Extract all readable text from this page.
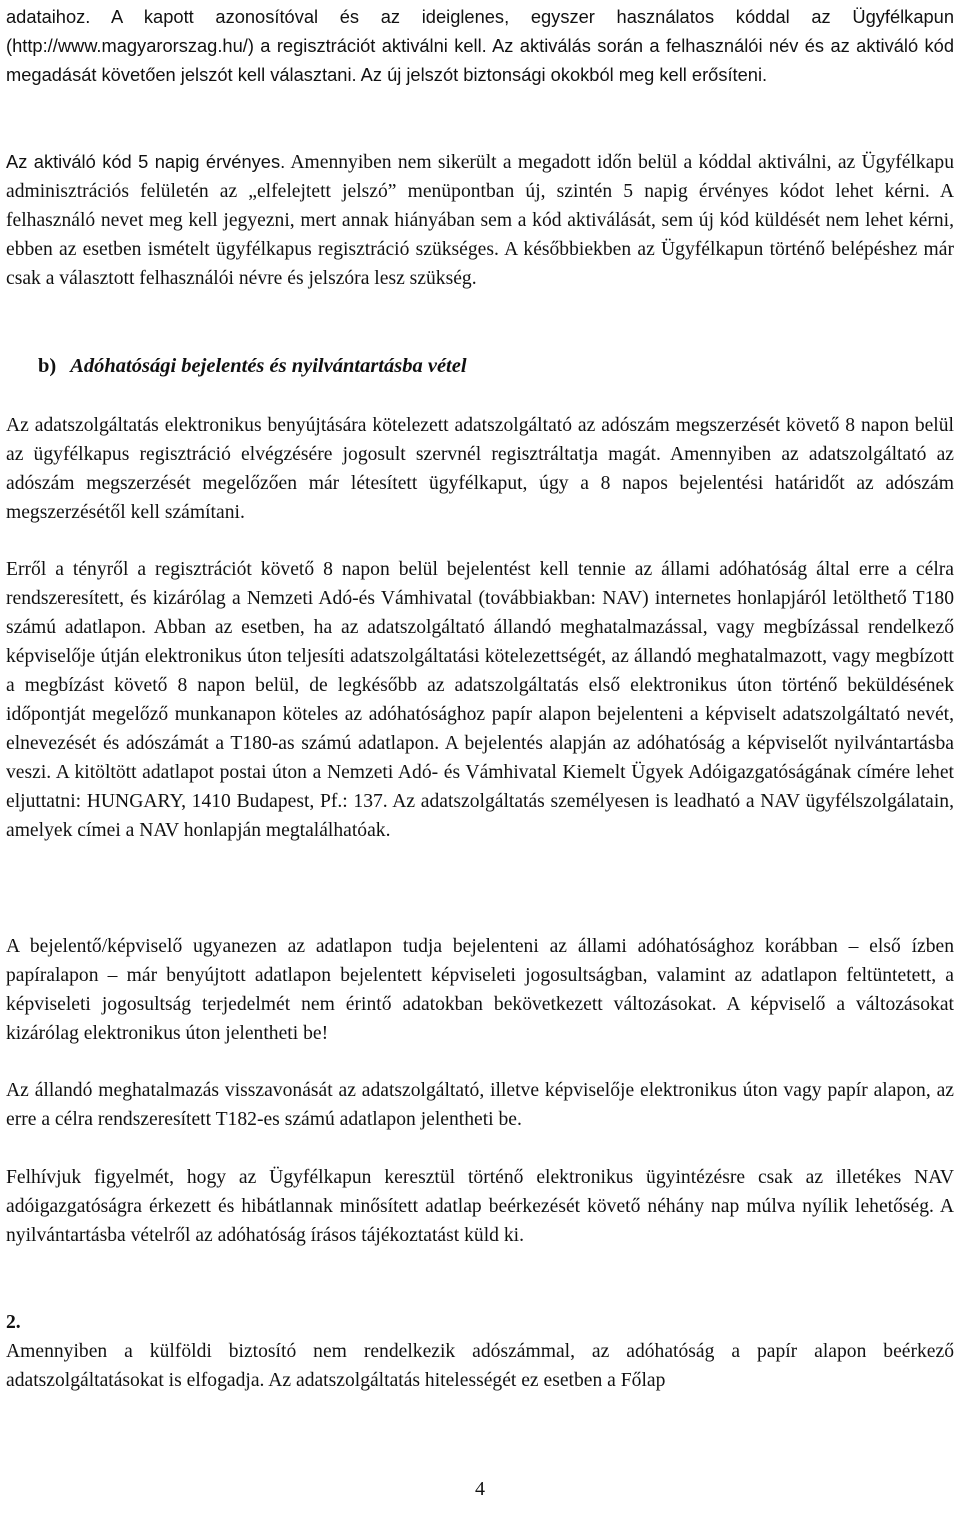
adataihoz. A kapott azonosítóval és az ideiglenes, egyszer használatos kóddal az Ügyfélkapun (http://www.magyarorszag.hu/) a regisztrációt aktiválni kell. Az aktiválás során a felhasználói név és az aktiváló kód megadását követően jelszót kell választani. Az új jelszót biztonsági okokból meg kell erősíteni.

Az aktiváló kód 5 napig érvényes. Amennyiben nem sikerült a megadott időn belül a kóddal aktiválni, az Ügyfélkapu adminisztrációs felületén az „elfelejtett jelszó” menüpontban új, szintén 5 napig érvényes kódot lehet kérni. A felhasználó nevet meg kell jegyezni, mert annak hiányában sem a kód aktiválását, sem új kód küldését nem lehet kérni, ebben az esetben ismételt ügyfélkapus regisztráció szükséges. A későbbiekben az Ügyfélkapun történő belépéshez már csak a választott felhasználói névre és jelszóra lesz szükség.

b) Adóhatósági bejelentés és nyilvántartásba vétel

Az adatszolgáltatás elektronikus benyújtására kötelezett adatszolgáltató az adószám megszerzését követő 8 napon belül az ügyfélkapus regisztráció elvégzésére jogosult szervnél regisztráltatja magát. Amennyiben az adatszolgáltató az adószám megszerzését megelőzően már létesített ügyfélkaput, úgy a 8 napos bejelentési határidőt az adószám megszerzésétől kell számítani.

Erről a tényről a regisztrációt követő 8 napon belül bejelentést kell tennie az állami adóhatóság által erre a célra rendszeresített, és kizárólag a Nemzeti Adó-és Vámhivatal (továbbiakban: NAV) internetes honlapjáról letölthető T180 számú adatlapon. Abban az esetben, ha az adatszolgáltató állandó meghatalmazással, vagy megbízással rendelkező képviselője útján elektronikus úton teljesíti adatszolgáltatási kötelezettségét, az állandó meghatalmazott, vagy megbízott a megbízást követő 8 napon belül, de legkésőbb az adatszolgáltatás első elektronikus úton történő beküldésének időpontját megelőző munkanapon köteles az adóhatósághoz papír alapon bejelenteni a képviselt adatszolgáltató nevét, elnevezését és adószámát a T180-as számú adatlapon. A bejelentés alapján az adóhatóság a képviselőt nyilvántartásba veszi. A kitöltött adatlapot postai úton a Nemzeti Adó- és Vámhivatal Kiemelt Ügyek Adóigazgatóságának címére lehet eljuttatni: HUNGARY, 1410 Budapest, Pf.: 137. Az adatszolgáltatás személyesen is leadható a NAV ügyfélszolgálatain, amelyek címei a NAV honlapján megtalálhatóak.

A bejelentő/képviselő ugyanezen az adatlapon tudja bejelenteni az állami adóhatósághoz korábban – első ízben papíralapon – már benyújtott adatlapon bejelentett képviseleti jogosultságban, valamint az adatlapon feltüntetett, a képviseleti jogosultság terjedelmét nem érintő adatokban bekövetkezett változásokat. A képviselő a változásokat kizárólag elektronikus úton jelentheti be!

Az állandó meghatalmazás visszavonását az adatszolgáltató, illetve képviselője elektronikus úton vagy papír alapon, az erre a célra rendszeresített T182-es számú adatlapon jelentheti be.

Felhívjuk figyelmét, hogy az Ügyfélkapun keresztül történő elektronikus ügyintézésre csak az illetékes NAV adóigazgatóságra érkezett és hibátlannak minősített adatlap beérkezését követő néhány nap múlva nyílik lehetőség. A nyilvántartásba vételről az adóhatóság írásos tájékoztatást küld ki.

2.

Amennyiben a külföldi biztosító nem rendelkezik adószámmal, az adóhatóság a papír alapon beérkező adatszolgáltatásokat is elfogadja. Az adatszolgáltatás hitelességét ez esetben a Főlap

4
